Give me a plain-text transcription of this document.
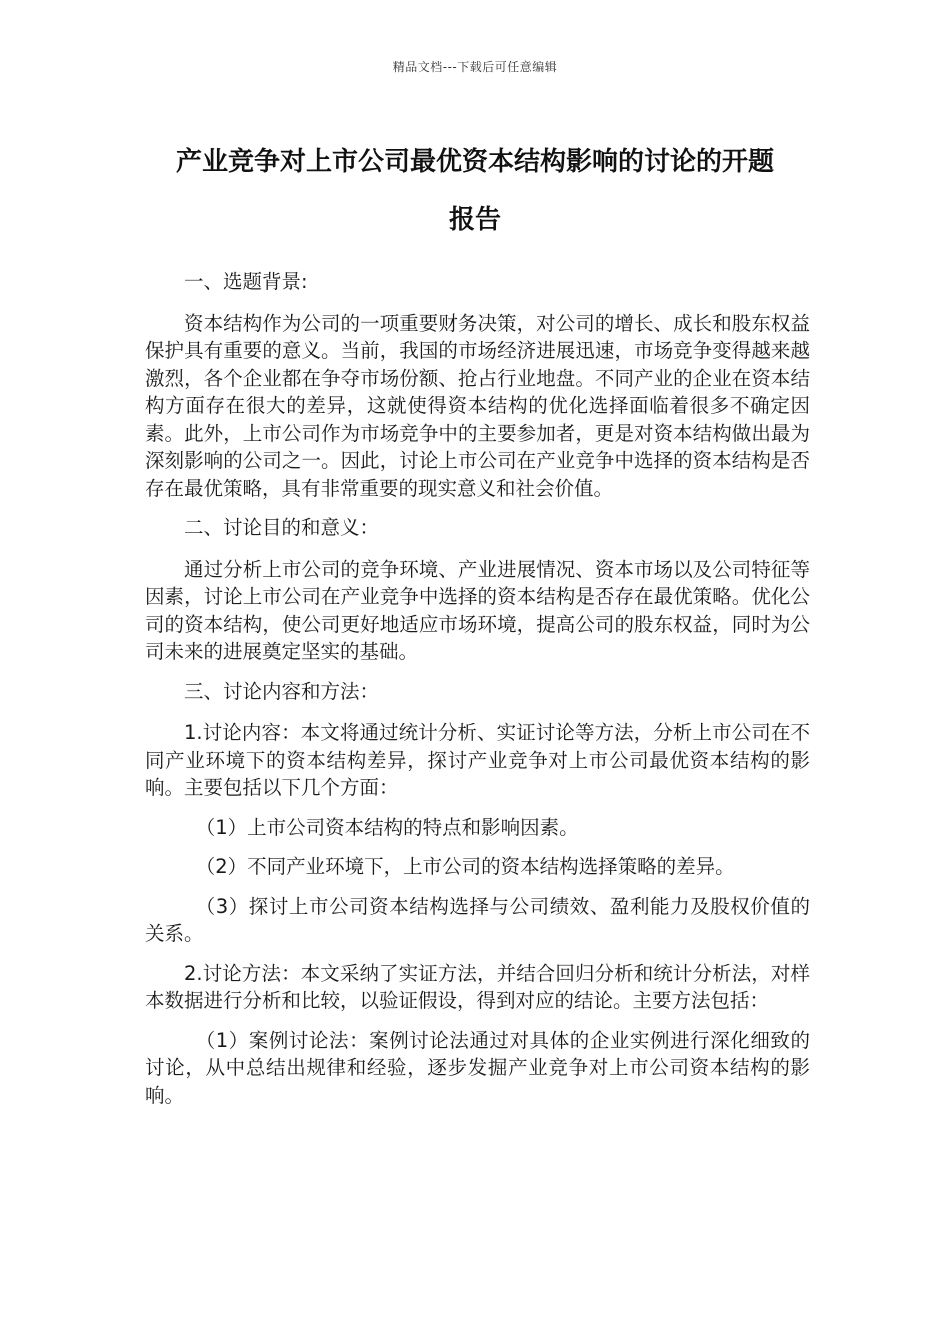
精品文档---下载后可任意编辑
产业竞争对上市公司最优资本结构影响的讨论的开题
报告

一、选题背景:

资本结构作为公司的一项重要财务决策，对公司的增长、成长和股东权益保护具有重要的意义。当前，我国的市场经济进展迅速，市场竞争变得越来越激烈，各个企业都在争夺市场份额、抢占行业地盘。不同产业的企业在资本结构方面存在很大的差异，这就使得资本结构的优化选择面临着很多不确定因素。此外，上市公司作为市场竞争中的主要参加者，更是对资本结构做出最为深刻影响的公司之一。因此，讨论上市公司在产业竞争中选择的资本结构是否存在最优策略，具有非常重要的现实意义和社会价值。

二、讨论目的和意义：

通过分析上市公司的竞争环境、产业进展情况、资本市场以及公司特征等因素，讨论上市公司在产业竞争中选择的资本结构是否存在最优策略。优化公司的资本结构，使公司更好地适应市场环境，提高公司的股东权益，同时为公司未来的进展奠定坚实的基础。

三、讨论内容和方法：

1.讨论内容：本文将通过统计分析、实证讨论等方法，分析上市公司在不同产业环境下的资本结构差异，探讨产业竞争对上市公司最优资本结构的影响。主要包括以下几个方面：

（1）上市公司资本结构的特点和影响因素。

（2）不同产业环境下，上市公司的资本结构选择策略的差异。

（3）探讨上市公司资本结构选择与公司绩效、盈利能力及股权价值的关系。

2.讨论方法：本文采纳了实证方法，并结合回归分析和统计分析法，对样本数据进行分析和比较，以验证假设，得到对应的结论。主要方法包括：

（1）案例讨论法：案例讨论法通过对具体的企业实例进行深化细致的讨论，从中总结出规律和经验，逐步发掘产业竞争对上市公司资本结构的影响。
